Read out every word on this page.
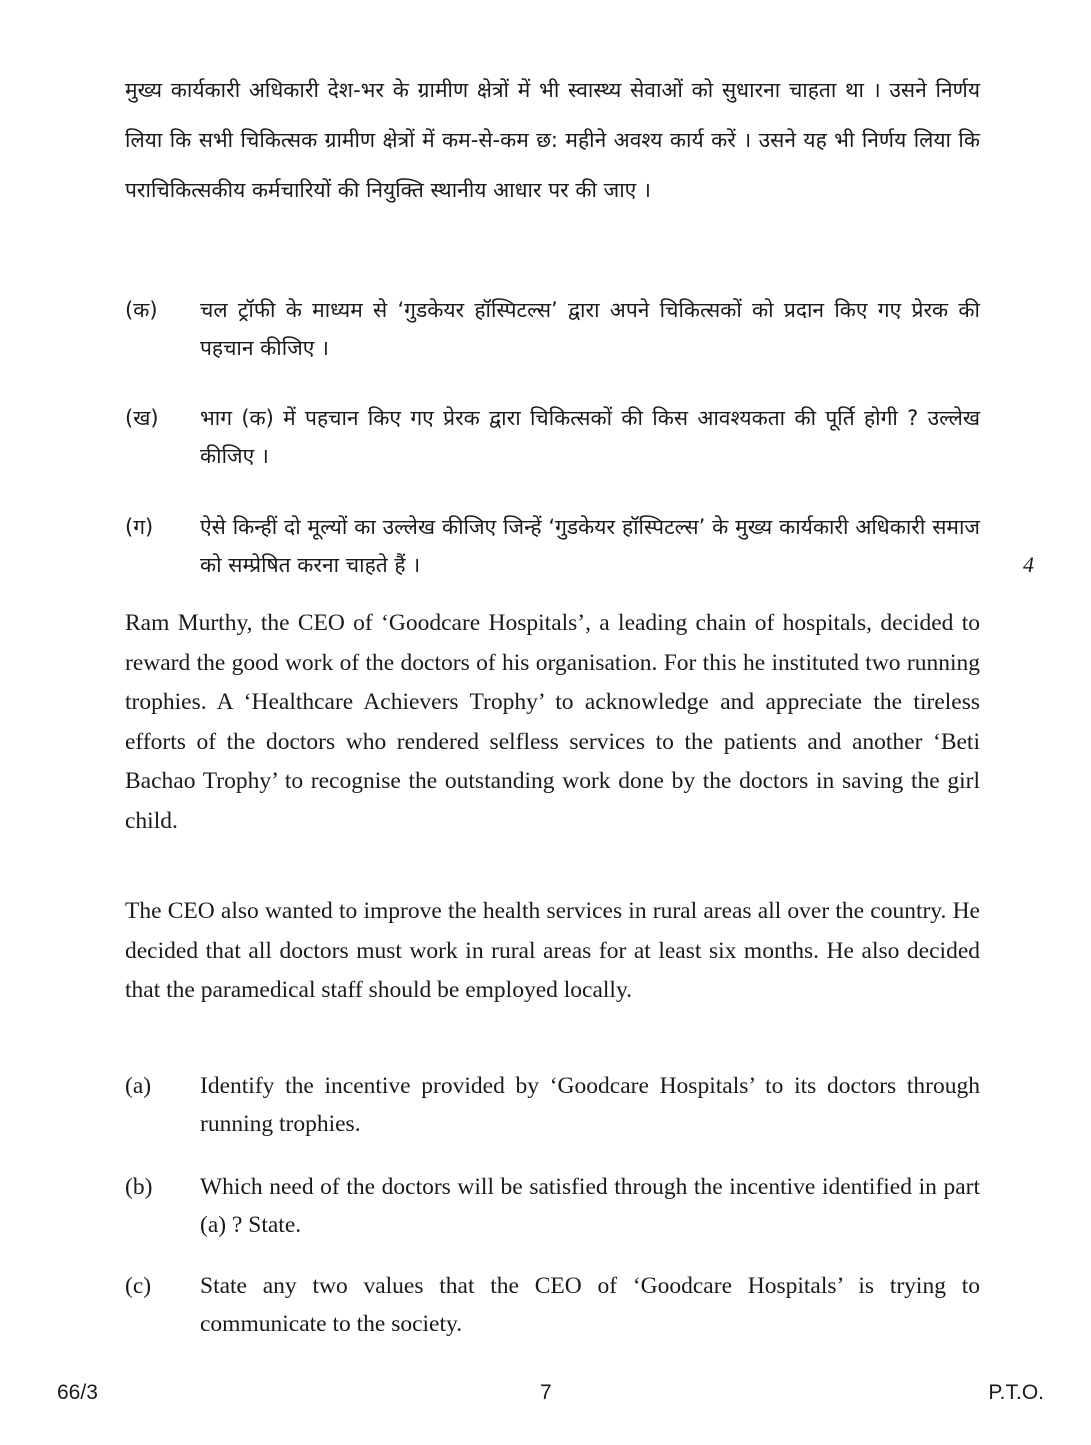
मुख्य कार्यकारी अधिकारी देश-भर के ग्रामीण क्षेत्रों में भी स्वास्थ्य सेवाओं को सुधारना चाहता था । उसने निर्णय लिया कि सभी चिकित्सक ग्रामीण क्षेत्रों में कम-से-कम छ: महीने अवश्य कार्य करें । उसने यह भी निर्णय लिया कि पराचिकित्सकीय कर्मचारियों की नियुक्ति स्थानीय आधार पर की जाए ।
(क) चल ट्रॉफी के माध्यम से ‘गुडकेयर हॉस्पिटल्स’ द्वारा अपने चिकित्सकों को प्रदान किए गए प्रेरक की पहचान कीजिए ।
(ख) भाग (क) में पहचान किए गए प्रेरक द्वारा चिकित्सकों की किस आवश्यकता की पूर्ति होगी ? उल्लेख कीजिए ।
(ग) ऐसे किन्हीं दो मूल्यों का उल्लेख कीजिए जिन्हें ‘गुडकेयर हॉस्पिटल्स’ के मुख्य कार्यकारी अधिकारी समाज को सम्प्रेषित करना चाहते हैं ।	4
Ram Murthy, the CEO of ‘Goodcare Hospitals’, a leading chain of hospitals, decided to reward the good work of the doctors of his organisation. For this he instituted two running trophies. A ‘Healthcare Achievers Trophy’ to acknowledge and appreciate the tireless efforts of the doctors who rendered selfless services to the patients and another ‘Beti Bachao Trophy’ to recognise the outstanding work done by the doctors in saving the girl child.
The CEO also wanted to improve the health services in rural areas all over the country. He decided that all doctors must work in rural areas for at least six months. He also decided that the paramedical staff should be employed locally.
(a) Identify the incentive provided by ‘Goodcare Hospitals’ to its doctors through running trophies.
(b) Which need of the doctors will be satisfied through the incentive identified in part (a) ? State.
(c) State any two values that the CEO of ‘Goodcare Hospitals’ is trying to communicate to the society.
66/3	7	P.T.O.
